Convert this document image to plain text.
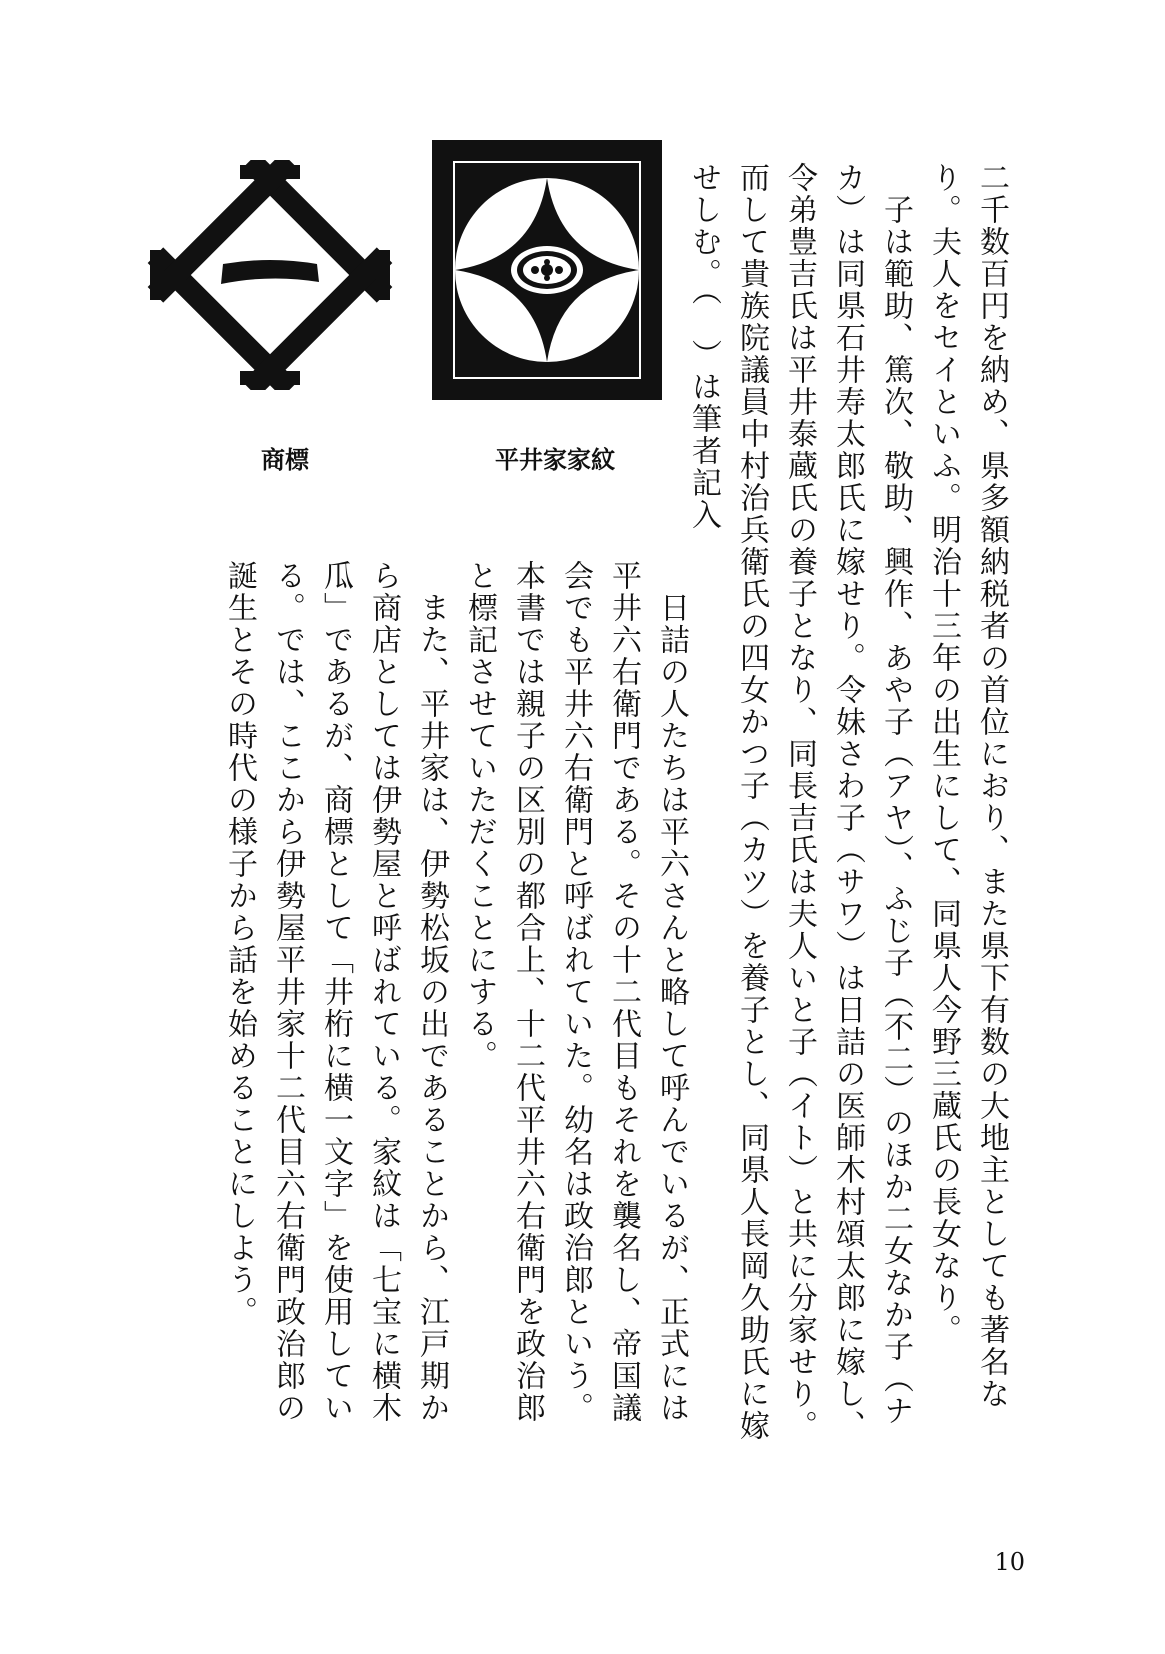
商標	平井家家紋	二千数百円を納め、県多額納税者の首位におり、また県下有数の大地主としても著名なり。夫人をセイといふ。明治十三年の出生にして、同県人今野三蔵氏の長女なり。
　子は範助、篤次、敬助、興作、あや子（アヤ）、ふじ子（不二）のほか二女なか子（ナカ）は同県石井寿太郎氏に嫁せり。令妹さわ子（サワ）は日詰の医師木村頌太郎に嫁し、令弟豊吉氏は平井泰蔵氏の養子となり、同長吉氏は夫人いと子（イト）と共に分家せり。而して貴族院議員中村治兵衛氏の四女かつ子（カツ）を養子とし、同県人長岡久助氏に嫁せしむ。（　）は筆者記入
　日詰の人たちは平六さんと略して呼んでいるが、正式には平井六右衛門である。その十二代目もそれを襲名し、帝国議会でも平井六右衛門と呼ばれていた。幼名は政治郎という。本書では親子の区別の都合上、十二代平井六右衛門を政治郎と標記させていただくことにする。
　また、平井家は、伊勢松坂の出であることから、江戸期から商店としては伊勢屋と呼ばれている。家紋は「七宝に横木瓜」であるが、商標として「井桁に横一文字」を使用している。では、ここから伊勢屋平井家十二代目六右衛門政治郎の誕生とその時代の様子から話を始めることにしよう。
10
